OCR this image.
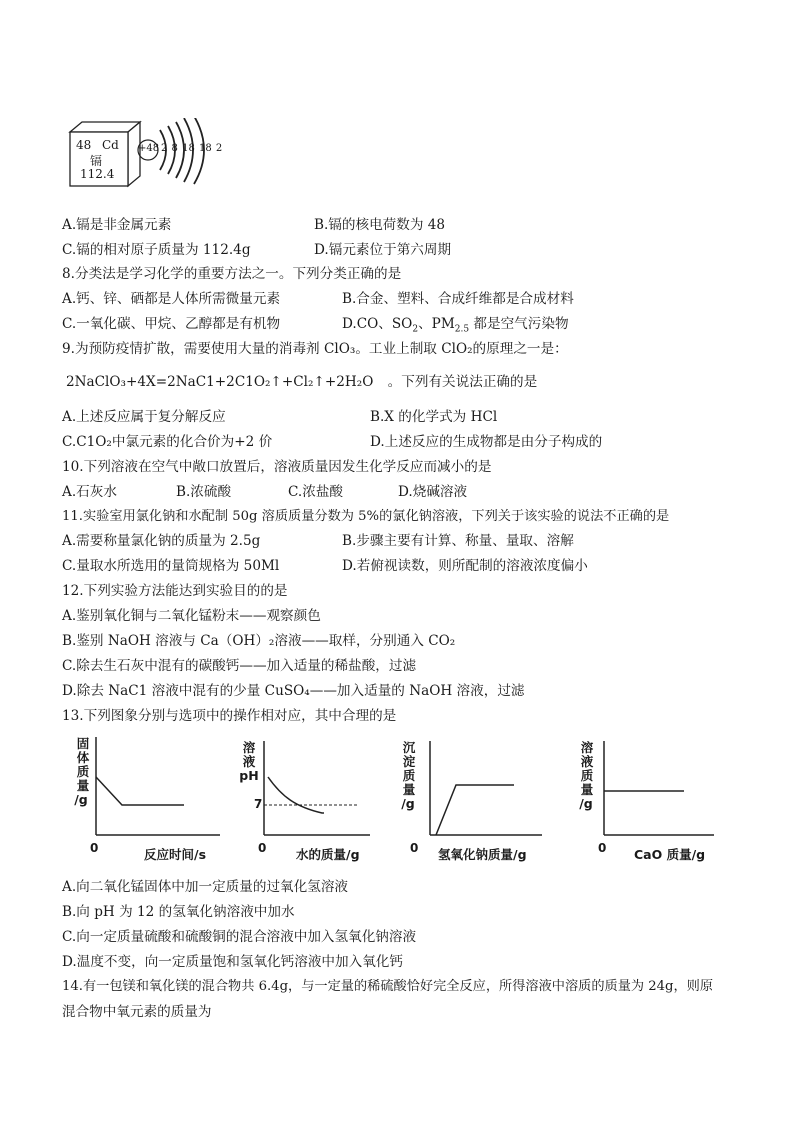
48 Cd
镉
112.4
+48 2 8 18 18 2
A.镉是非金属元素	B.镉的核电荷数为 48
C.镉的相对原子质量为 112.4g	D.镉元素位于第六周期
8.分类法是学习化学的重要方法之一。下列分类正确的是
A.钙、锌、硒都是人体所需微量元素	B.合金、塑料、合成纤维都是合成材料
C.一氧化碳、甲烷、乙醇都是有机物	D.CO、$SO_2$、$PM_{2.5}$ 都是空气污染物
9.为预防疫情扩散，需要使用大量的消毒剂 ClO₃。工业上制取 ClO₂的原理之一是：
2NaClO₃+4X=2NaC1+2C1O₂↑+Cl₂↑+2H₂O 。下列有关说法正确的是
A.上述反应属于复分解反应	B.X 的化学式为 HCl
C.C1O₂中氯元素的化合价为+2 价	D.上述反应的生成物都是由分子构成的
10.下列溶液在空气中敞口放置后，溶液质量因发生化学反应而减小的是
A.石灰水	B.浓硫酸	C.浓盐酸	D.烧碱溶液
11.实验室用氯化钠和水配制 50g 溶质质量分数为 5%的氯化钠溶液，下列关于该实验的说法不正确的是
A.需要称量氯化钠的质量为 2.5g	B.步骤主要有计算、称量、量取、溶解
C.量取水所选用的量筒规格为 50Ml	D.若俯视读数，则所配制的溶液浓度偏小
12.下列实验方法能达到实验目的的是
A.鉴别氧化铜与二氧化锰粉末——观察颜色
B.鉴别 NaOH 溶液与 Ca（OH）₂溶液——取样，分别通入 CO₂
C.除去生石灰中混有的碳酸钙——加入适量的稀盐酸，过滤
D.除去 NaC1 溶液中混有的少量 CuSO₄——加入适量的 NaOH 溶液，过滤
13.下列图象分别与选项中的操作相对应，其中合理的是
固
体
质
量
/g
0	反应时间/s
溶
液
pH
7
0 水的质量/g
沉
淀
质
量
/g
0 氢氧化钠质量/g
溶
液
质
量
/g
0 CaO 质量/g
A.向二氧化锰固体中加一定质量的过氧化氢溶液
B.向 pH 为 12 的氢氧化钠溶液中加水
C.向一定质量硫酸和硫酸铜的混合溶液中加入氢氧化钠溶液
D.温度不变，向一定质量饱和氢氧化钙溶液中加入氧化钙
14.有一包镁和氧化镁的混合物共 6.4g，与一定量的稀硫酸恰好完全反应，所得溶液中溶质的质量为 24g，则原
混合物中氧元素的质量为
